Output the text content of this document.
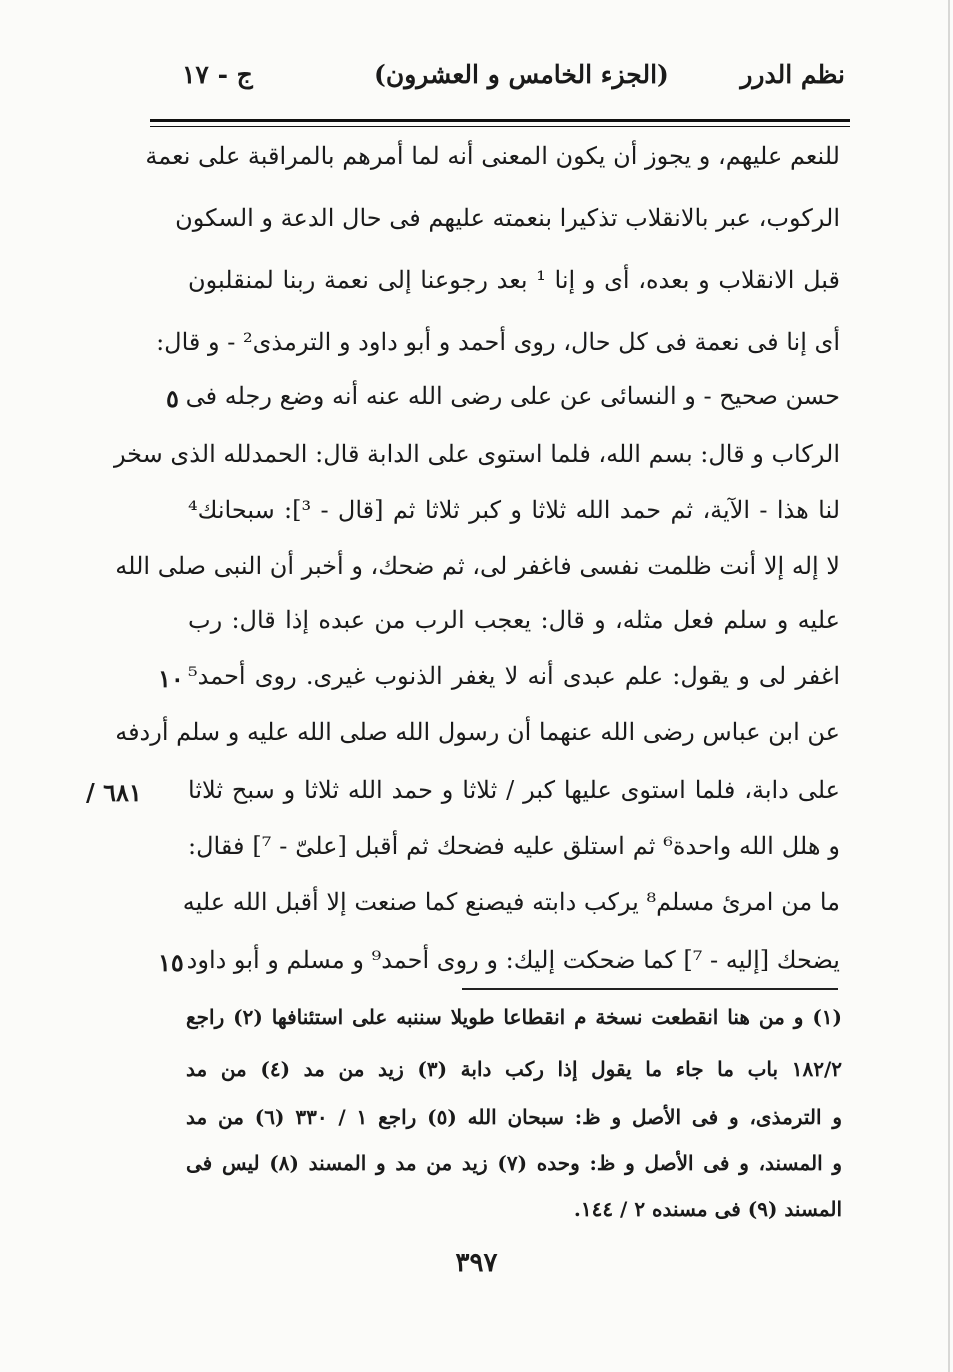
نظم الدرر
(الجزء الخامس و العشرون)
ج - ١٧
للنعم عليهم، و يجوز أن يكون المعنى أنه لما أمرهم بالمراقبة على نعمة
الركوب، عبر بالانقلاب تذكيرا بنعمته عليهم فى حال الدعة و السكون
قبل الانقلاب و بعده، أى و إنا ¹ بعد رجوعنا إلى نعمة ربنا لمنقلبون
أى إنا فى نعمة فى كل حال، روى أحمد و أبو داود و الترمذى² - و قال:
حسن صحيح - و النسائى عن على رضى الله عنه أنه وضع رجله فى
الركاب و قال: بسم الله، فلما استوى على الدابة قال: الحمدلله الذى سخر
لنا هذا - الآية، ثم حمد الله ثلاثا و كبر ثلاثا ثم [قال - ³]: سبحانك⁴
لا إله إلا أنت ظلمت نفسى فاغفر لى، ثم ضحك، و أخبر أن النبى صلى الله
عليه و سلم فعل مثله، و قال: يعجب الرب من عبده إذا قال: رب
اغفر لى و يقول: علم عبدى أنه لا يغفر الذنوب غيرى. روى أحمد⁵
عن ابن عباس رضى الله عنهما أن رسول الله صلى الله عليه و سلم أردفه
على دابة، فلما استوى عليها كبر / ثلاثا و حمد الله ثلاثا و سبح ثلاثا
و هلل الله واحدة⁶ ثم استلق عليه فضحك ثم أقبل [علىّ - ⁷] فقال:
ما من امرئ مسلم⁸ يركب دابته فيصنع كما صنعت إلا أقبل الله عليه
يضحك [إليه - ⁷] كما ضحكت إليك: و روى أحمد⁹ و مسلم و أبو داود
٥
١٠
١٥
/ ٦٨١
(١) و من هنا انقطعت نسخة م انقطاعا طويلا سننبه على استئنافها (٢) راجع
١٨٢/٢ باب ما جاء ما يقول إذا ركب دابة (٣) زيد من مد (٤) من مد
و الترمذى، و فى الأصل و ظ: سبحان الله (٥) راجع ١ / ٣٣٠ (٦) من مد
و المسند، و فى الأصل و ظ: وحده (٧) زيد من مد و المسند (٨) ليس فى
المسند (٩) فى مسنده ٢ / ١٤٤.
٣٩٧
